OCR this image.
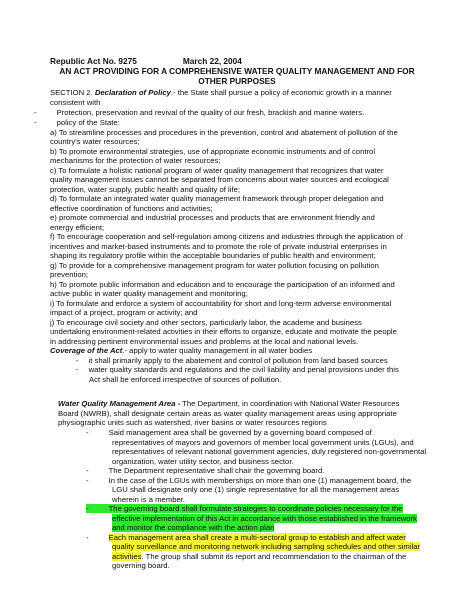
Republic Act No. 9275	March 22, 2004
AN ACT PROVIDING FOR A COMPREHENSIVE WATER QUALITY MANAGEMENT AND FOR
OTHER PURPOSES
SECTION 2. Declaration of Policy.- the State shall pursue a policy of economic growth in a manner
consistent with
-	Protection, preservation and revival of the quality of our fresh, brackish and marine waters.
-	policy of the State:
a) To streamline processes and procedures in the prevention, control and abatement of pollution of the
country's water resources;
b) To promote environmental strategies, use of appropriate economic instruments and of control
mechanisms for the protection of water resources;
c) To formulate a holistic national program of water quality management that recognizes that water
quality management issues cannot be separated from concerns about water sources and ecological
protection, water supply, public health and quality of life;
d) To formulate an integrated water quality management framework through proper delegation and
effective coordination of functions and activities;
e) promote commercial and industrial processes and products that are environment friendly and
energy efficient;
f) To encourage cooperation and self-regulation among citizens and industries through the application of
incentives and market-based instruments and to promote the role of private industrial enterprises in
shaping its regulatory profile within the acceptable boundaries of public health and environment;
g) To provide for a comprehensive management program for water pollution focusing on pollution
prevention;
h) To promote public information and education and to encourage the participation of an informed and
active public in water quality management and monitoring;
i) To formulate and enforce a system of accountability for short and long-term adverse environmental
impact of a project, program or activity; and
j) To encourage civil society and other sectors, particularly labor, the academe and business
undertaking environment-related activities in their efforts to organize, educate and motivate the people
in addressing pertinent environmental issues and problems at the local and national levels.
Coverage of the Act.- apply to water quality management in all water bodies
- it shall primarily apply to the abatement and control of pollution from land based sources
- water quality standards and regulations and the civil liability and penal provisions under this
Act shall be enforced irrespective of sources of pollution.
Water Quality Management Area - The Department, in coordination with National Water Resources
Board (NWRB), shall designate certain areas as water quality management areas using appropriate
physiographic units such as watershed, river basins or water resources regions
-	Said management area shall be governed by a governing board composed of
representatives of mayors and governors of member local government units (LGUs), and
representatives of relevant national government agencies, duly registered non-governmental
organization, water utility sector, and business sector.
-	The Department representative shall chair the governing board.
-	In the case of the LGUs with memberships on more than one (1) management board, the
LGU shall designate only one (1) single representative for all the management areas
wherein is a member.
-	The governing board shall formulate strategies to coordinate policies necessary for the
effective implementation of this Act in accordance with those established in the framework
and monitor the compliance with the action plan
-	Each management area shall create a multi-sectoral group to establish and affect water
quality surveillance and monitoring network including sampling schedules and other similar
activities. The group shall submit its report and recommendation to the chairman of the
governing board.
